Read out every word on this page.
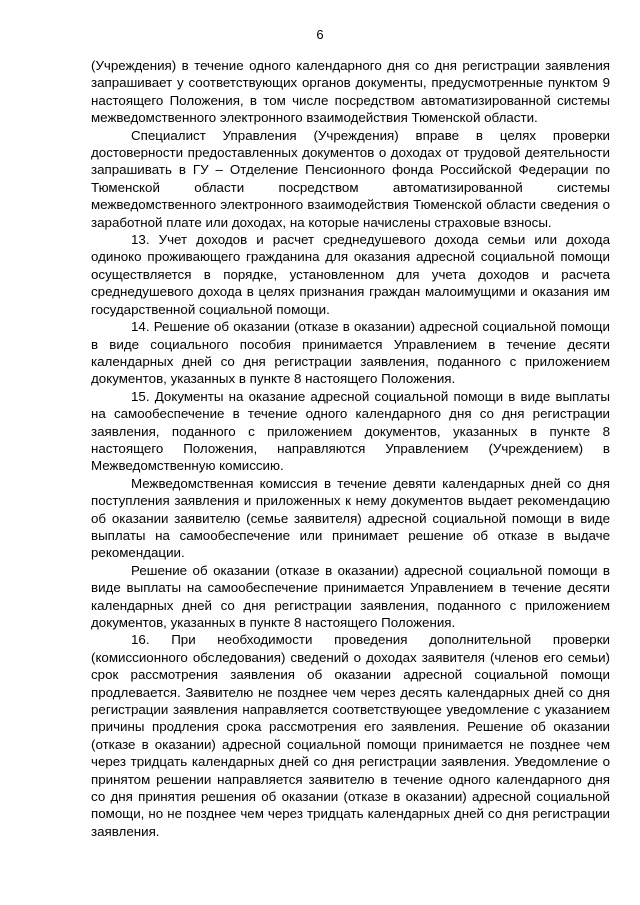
6

(Учреждения) в течение одного календарного дня со дня регистрации заявления запрашивает у соответствующих органов документы, предусмотренные пунктом 9 настоящего Положения, в том числе посредством автоматизированной системы межведомственного электронного взаимодействия Тюменской области.

Специалист Управления (Учреждения) вправе в целях проверки достоверности предоставленных документов о доходах от трудовой деятельности запрашивать в ГУ – Отделение Пенсионного фонда Российской Федерации по Тюменской области посредством автоматизированной системы межведомственного электронного взаимодействия Тюменской области сведения о заработной плате или доходах, на которые начислены страховые взносы.

13. Учет доходов и расчет среднедушевого дохода семьи или дохода одиноко проживающего гражданина для оказания адресной социальной помощи осуществляется в порядке, установленном для учета доходов и расчета среднедушевого дохода в целях признания граждан малоимущими и оказания им государственной социальной помощи.

14. Решение об оказании (отказе в оказании) адресной социальной помощи в виде социального пособия принимается Управлением в течение десяти календарных дней со дня регистрации заявления, поданного с приложением документов, указанных в пункте 8 настоящего Положения.

15. Документы на оказание адресной социальной помощи в виде выплаты на самообеспечение в течение одного календарного дня со дня регистрации заявления, поданного с приложением документов, указанных в пункте 8 настоящего Положения, направляются Управлением (Учреждением) в Межведомственную комиссию.

Межведомственная комиссия в течение девяти календарных дней со дня поступления заявления и приложенных к нему документов выдает рекомендацию об оказании заявителю (семье заявителя) адресной социальной помощи в виде выплаты на самообеспечение или принимает решение об отказе в выдаче рекомендации.

Решение об оказании (отказе в оказании) адресной социальной помощи в виде выплаты на самообеспечение принимается Управлением в течение десяти календарных дней со дня регистрации заявления, поданного с приложением документов, указанных в пункте 8 настоящего Положения.

16. При необходимости проведения дополнительной проверки (комиссионного обследования) сведений о доходах заявителя (членов его семьи) срок рассмотрения заявления об оказании адресной социальной помощи продлевается. Заявителю не позднее чем через десять календарных дней со дня регистрации заявления направляется соответствующее уведомление с указанием причины продления срока рассмотрения его заявления. Решение об оказании (отказе в оказании) адресной социальной помощи принимается не позднее чем через тридцать календарных дней со дня регистрации заявления. Уведомление о принятом решении направляется заявителю в течение одного календарного дня со дня принятия решения об оказании (отказе в оказании) адресной социальной помощи, но не позднее чем через тридцать календарных дней со дня регистрации заявления.
